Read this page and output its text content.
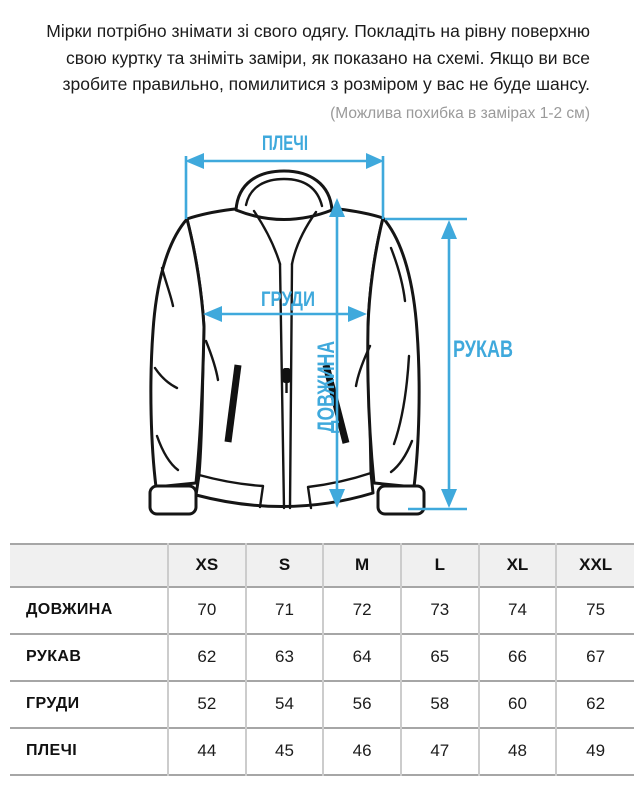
Мірки потрібно знімати зі свого одягу. Покладіть на рівну поверхню
свою куртку та зніміть заміри, як показано на схемі. Якщо ви все
зробите правильно, помилитися з розміром у вас не буде шансу.
(Можлива похибка в замірах 1-2 см)
ПЛЕЧІ
ГРУДИ
ДОВЖИНА	РУКАВ
	XS	S	M	L	XL	XXL
ДОВЖИНА	70	71	72	73	74	75
РУКАВ	62	63	64	65	66	67
ГРУДИ	52	54	56	58	60	62
ПЛЕЧІ	44	45	46	47	48	49
